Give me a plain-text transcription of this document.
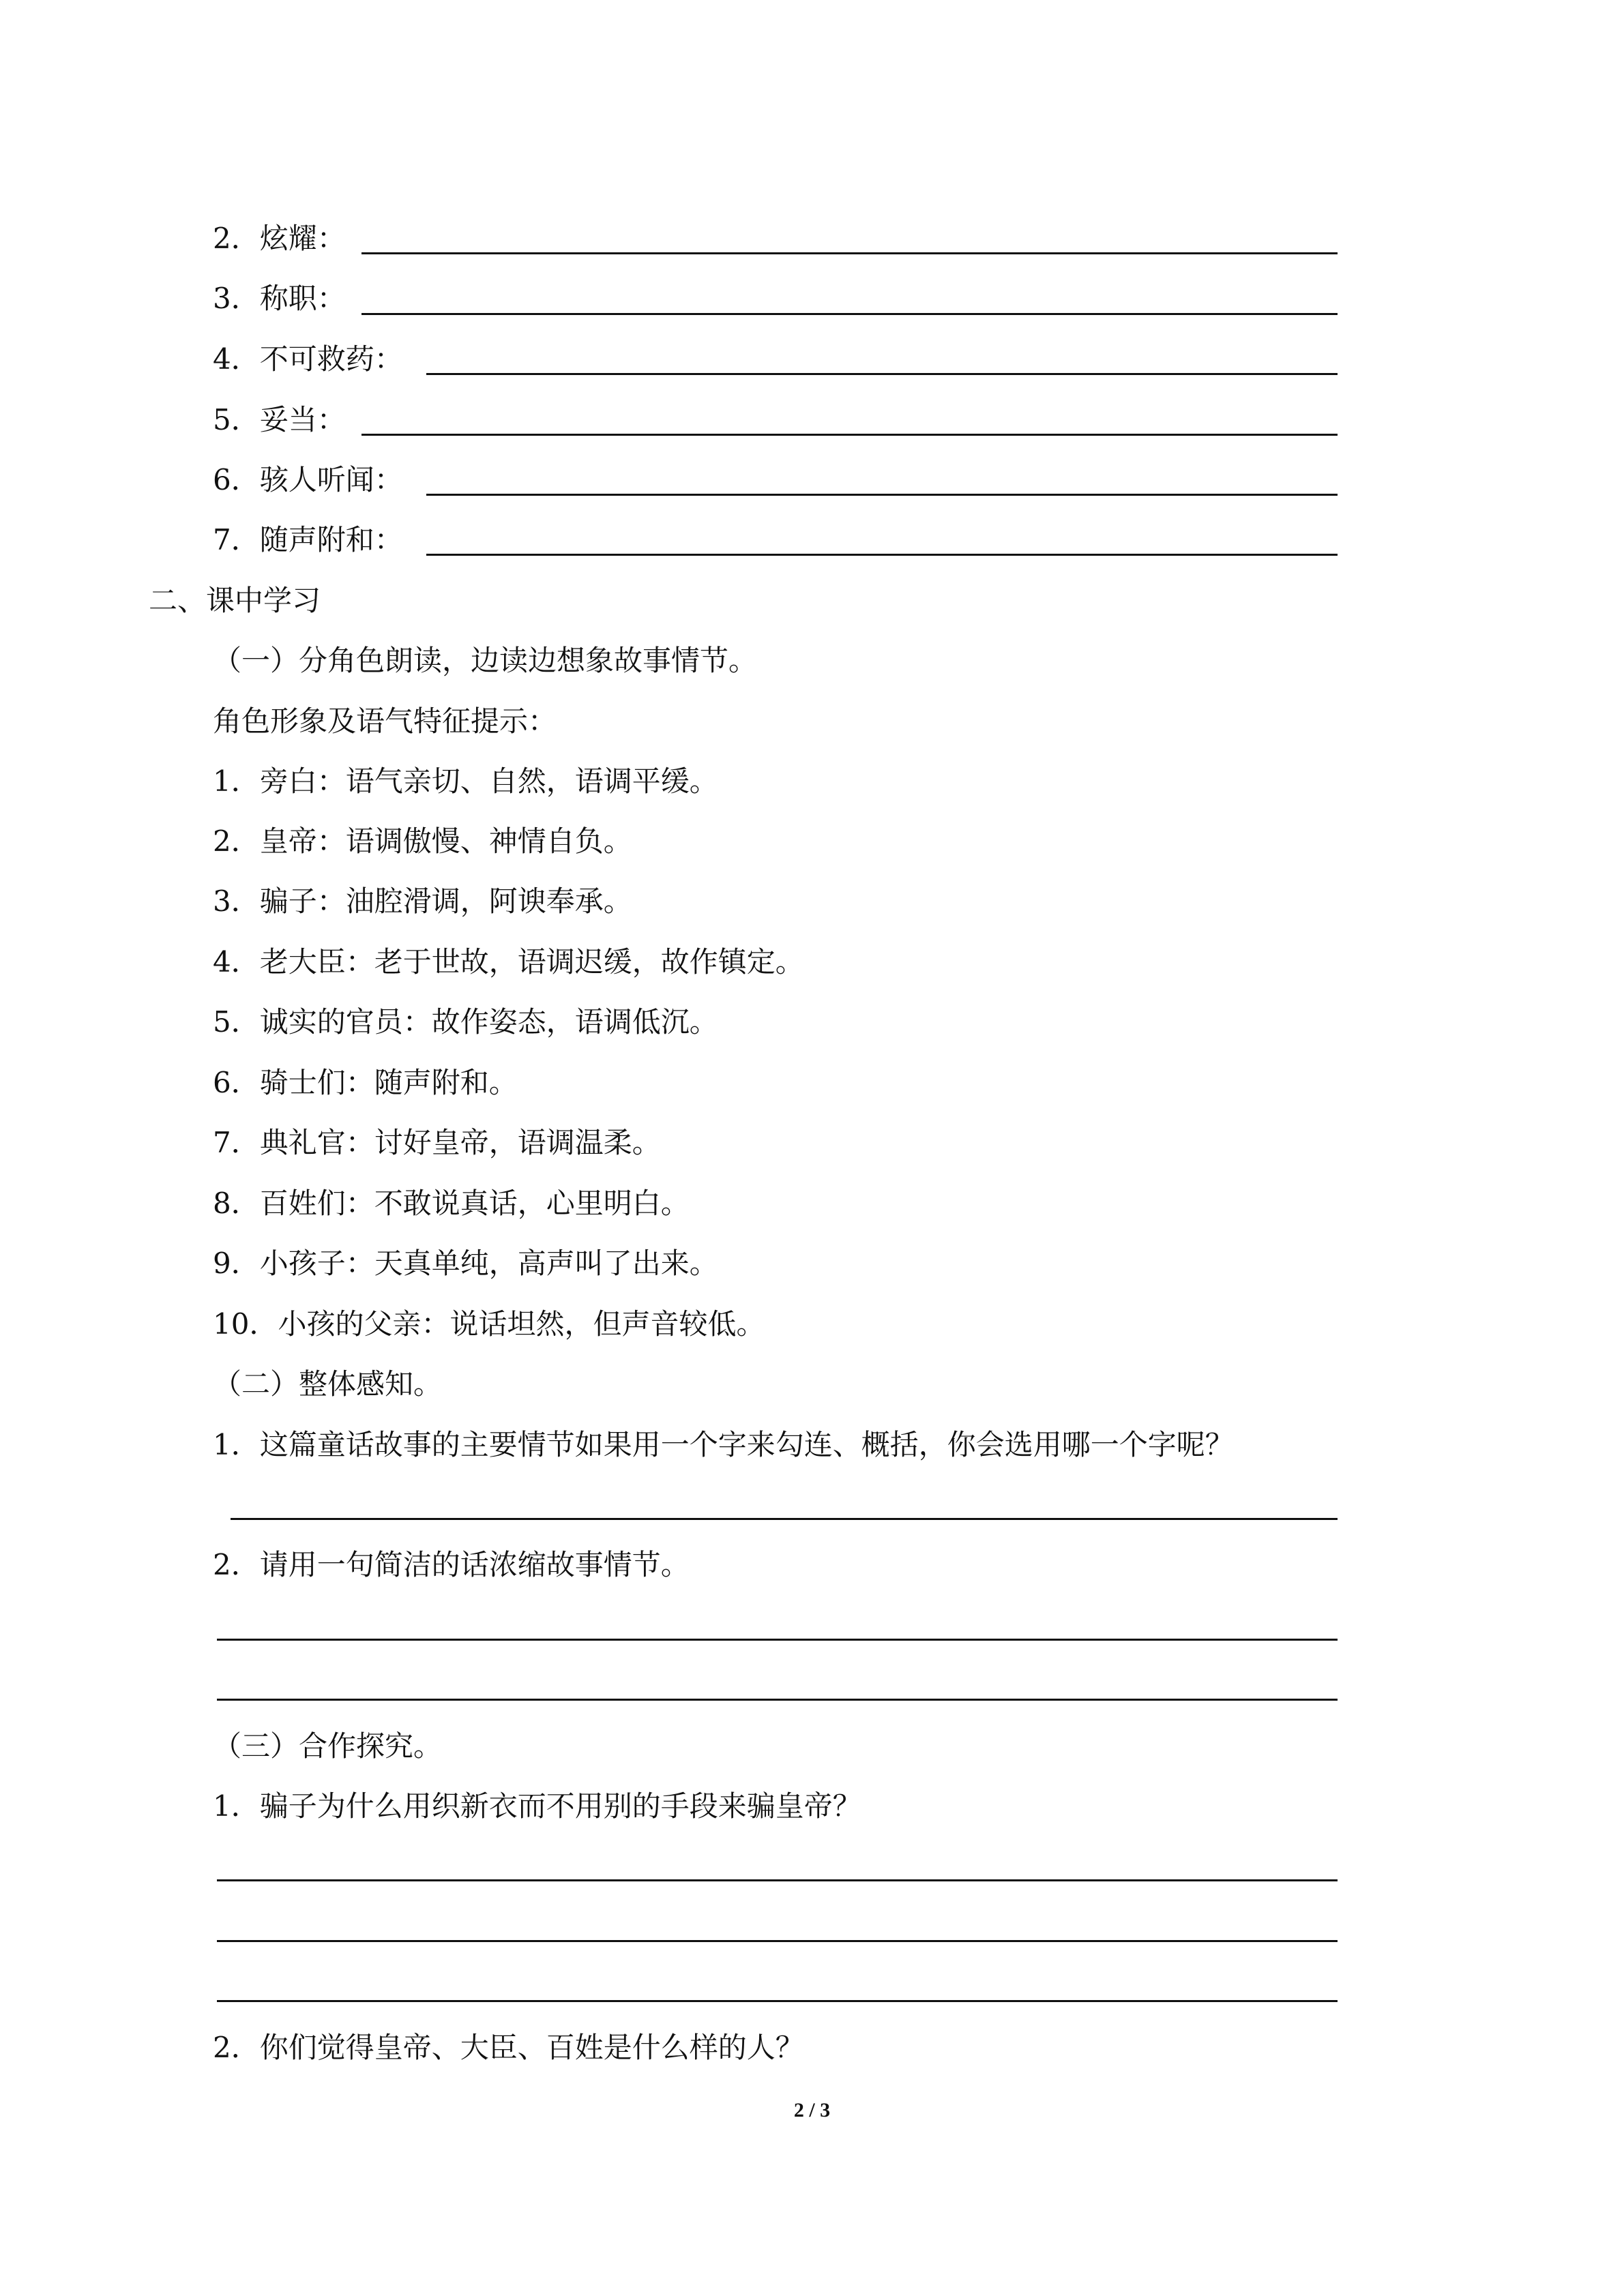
2．炫耀：
3．称职：
4．不可救药：
5．妥当：
6．骇人听闻：
7．随声附和：
二、课中学习
（一）分角色朗读，边读边想象故事情节。
角色形象及语气特征提示：
1．旁白：语气亲切、自然，语调平缓。
2．皇帝：语调傲慢、神情自负。
3．骗子：油腔滑调，阿谀奉承。
4．老大臣：老于世故，语调迟缓，故作镇定。
5．诚实的官员：故作姿态，语调低沉。
6．骑士们：随声附和。
7．典礼官：讨好皇帝，语调温柔。
8．百姓们：不敢说真话，心里明白。
9．小孩子：天真单纯，高声叫了出来。
10．小孩的父亲：说话坦然，但声音较低。
（二）整体感知。
1．这篇童话故事的主要情节如果用一个字来勾连、概括，你会选用哪一个字呢？
2．请用一句简洁的话浓缩故事情节。
（三）合作探究。
1．骗子为什么用织新衣而不用别的手段来骗皇帝？
2．你们觉得皇帝、大臣、百姓是什么样的人？
2 / 3
